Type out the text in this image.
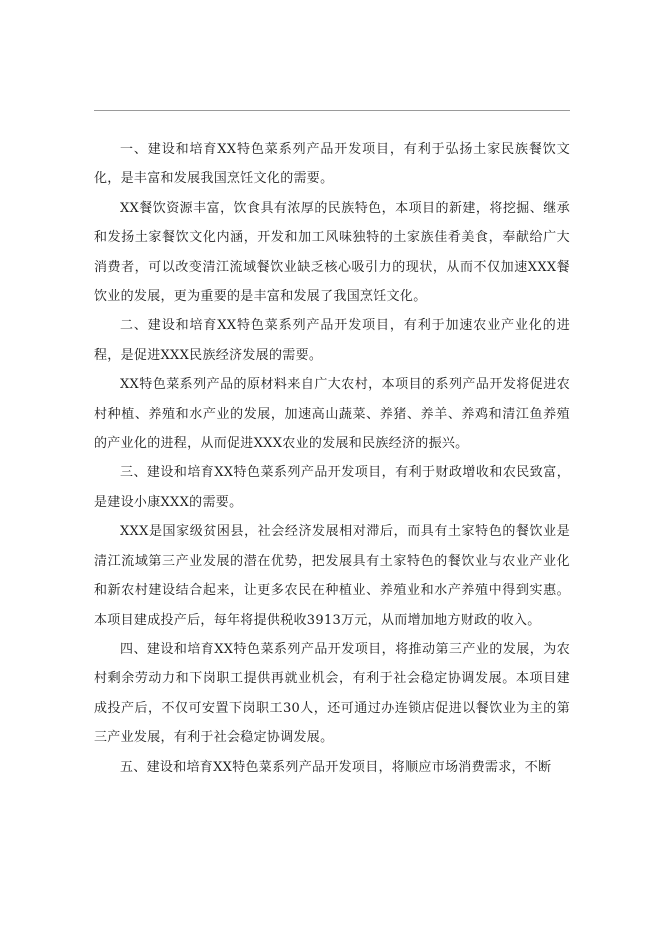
一、建设和培育XX特色菜系列产品开发项目，有利于弘扬土家民族餐饮文化，是丰富和发展我国烹饪文化的需要。

XX餐饮资源丰富，饮食具有浓厚的民族特色，本项目的新建，将挖掘、继承和发扬土家餐饮文化内涵，开发和加工风味独特的土家族佳肴美食，奉献给广大消费者，可以改变清江流域餐饮业缺乏核心吸引力的现状，从而不仅加速XXX餐饮业的发展，更为重要的是丰富和发展了我国烹饪文化。

二、建设和培育XX特色菜系列产品开发项目，有利于加速农业产业化的进程，是促进XXX民族经济发展的需要。

XX特色菜系列产品的原材料来自广大农村，本项目的系列产品开发将促进农村种植、养殖和水产业的发展，加速高山蔬菜、养猪、养羊、养鸡和清江鱼养殖的产业化的进程，从而促进XXX农业的发展和民族经济的振兴。

三、建设和培育XX特色菜系列产品开发项目，有利于财政增收和农民致富，是建设小康XXX的需要。

XXX是国家级贫困县，社会经济发展相对滞后，而具有土家特色的餐饮业是清江流域第三产业发展的潜在优势，把发展具有土家特色的餐饮业与农业产业化和新农村建设结合起来，让更多农民在种植业、养殖业和水产养殖中得到实惠。本项目建成投产后，每年将提供税收3913万元，从而增加地方财政的收入。

四、建设和培育XX特色菜系列产品开发项目，将推动第三产业的发展，为农村剩余劳动力和下岗职工提供再就业机会，有利于社会稳定协调发展。本项目建成投产后，不仅可安置下岗职工30人，还可通过办连锁店促进以餐饮业为主的第三产业发展，有利于社会稳定协调发展。

五、建设和培育XX特色菜系列产品开发项目，将顺应市场消费需求，不断
